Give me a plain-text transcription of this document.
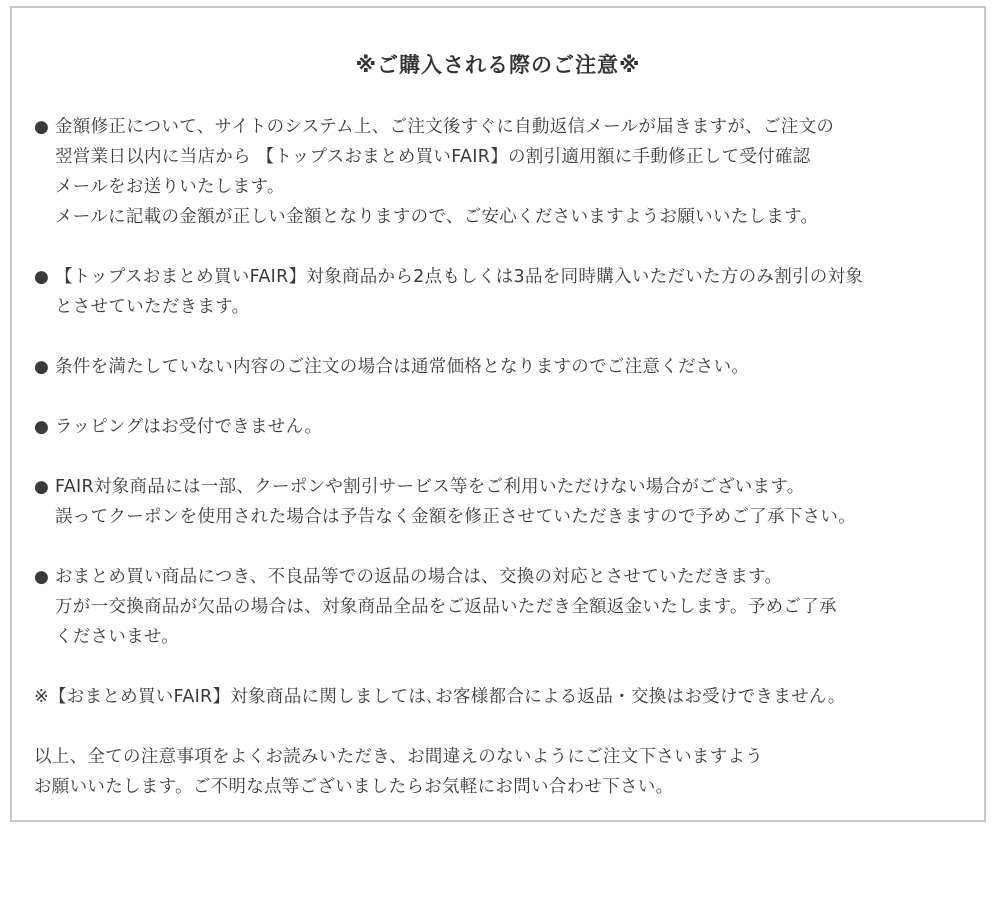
※ご購入される際のご注意※
● 金額修正について、サイトのシステム上、ご注文後すぐに自動返信メールが届きますが、ご注文の
翌営業日以内に当店から 【トップスおまとめ買いFAIR】の割引適用額に手動修正して受付確認
メールをお送りいたします。
メールに記載の金額が正しい金額となりますので、ご安心くださいますようお願いいたします。
● 【トップスおまとめ買いFAIR】対象商品から2点もしくは3品を同時購入いただいた方のみ割引の対象
とさせていただきます。
● 条件を満たしていない内容のご注文の場合は通常価格となりますのでご注意ください。
● ラッピングはお受付できません。
● FAIR対象商品には一部、クーポンや割引サービス等をご利用いただけない場合がございます。
誤ってクーポンを使用された場合は予告なく金額を修正させていただきますので予めご了承下さい。
● おまとめ買い商品につき、不良品等での返品の場合は、交換の対応とさせていただきます。
万が一交換商品が欠品の場合は、対象商品全品をご返品いただき全額返金いたします。予めご了承
くださいませ。
※【おまとめ買いFAIR】対象商品に関しましては､お客様都合による返品・交換はお受けできません。
以上、全ての注意事項をよくお読みいただき、お間違えのないようにご注文下さいますよう
お願いいたします。ご不明な点等ございましたらお気軽にお問い合わせ下さい。
